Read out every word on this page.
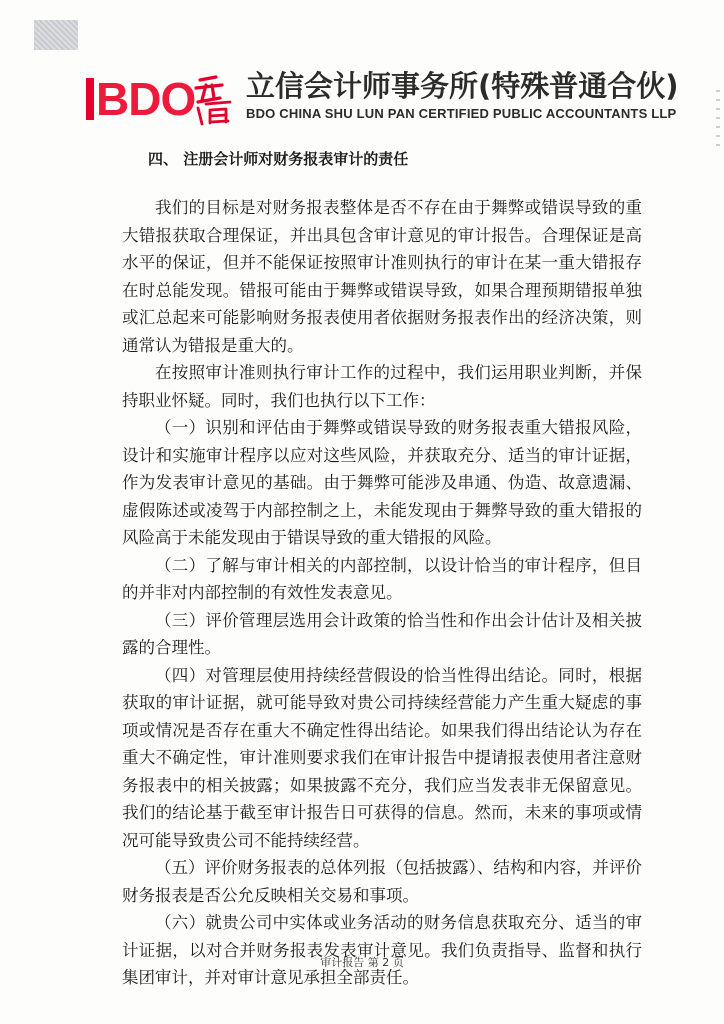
BDO 立信会计师事务所(特殊普通合伙)
BDO CHINA SHU LUN PAN CERTIFIED PUBLIC ACCOUNTANTS LLP
四、 注册会计师对财务报表审计的责任

我们的目标是对财务报表整体是否不存在由于舞弊或错误导致的重大错报获取合理保证，并出具包含审计意见的审计报告。合理保证是高水平的保证，但并不能保证按照审计准则执行的审计在某一重大错报存在时总能发现。错报可能由于舞弊或错误导致，如果合理预期错报单独或汇总起来可能影响财务报表使用者依据财务报表作出的经济决策，则通常认为错报是重大的。

在按照审计准则执行审计工作的过程中，我们运用职业判断，并保持职业怀疑。同时，我们也执行以下工作：

（一）识别和评估由于舞弊或错误导致的财务报表重大错报风险，设计和实施审计程序以应对这些风险，并获取充分、适当的审计证据，作为发表审计意见的基础。由于舞弊可能涉及串通、伪造、故意遗漏、虚假陈述或凌驾于内部控制之上，未能发现由于舞弊导致的重大错报的风险高于未能发现由于错误导致的重大错报的风险。

（二）了解与审计相关的内部控制，以设计恰当的审计程序，但目的并非对内部控制的有效性发表意见。

（三）评价管理层选用会计政策的恰当性和作出会计估计及相关披露的合理性。

（四）对管理层使用持续经营假设的恰当性得出结论。同时，根据获取的审计证据，就可能导致对贵公司持续经营能力产生重大疑虑的事项或情况是否存在重大不确定性得出结论。如果我们得出结论认为存在重大不确定性，审计准则要求我们在审计报告中提请报表使用者注意财务报表中的相关披露；如果披露不充分，我们应当发表非无保留意见。我们的结论基于截至审计报告日可获得的信息。然而，未来的事项或情况可能导致贵公司不能持续经营。

（五）评价财务报表的总体列报（包括披露）、结构和内容，并评价财务报表是否公允反映相关交易和事项。

（六）就贵公司中实体或业务活动的财务信息获取充分、适当的审计证据，以对合并财务报表发表审计意见。我们负责指导、监督和执行集团审计，并对审计意见承担全部责任。

审计报告 第 2 页
